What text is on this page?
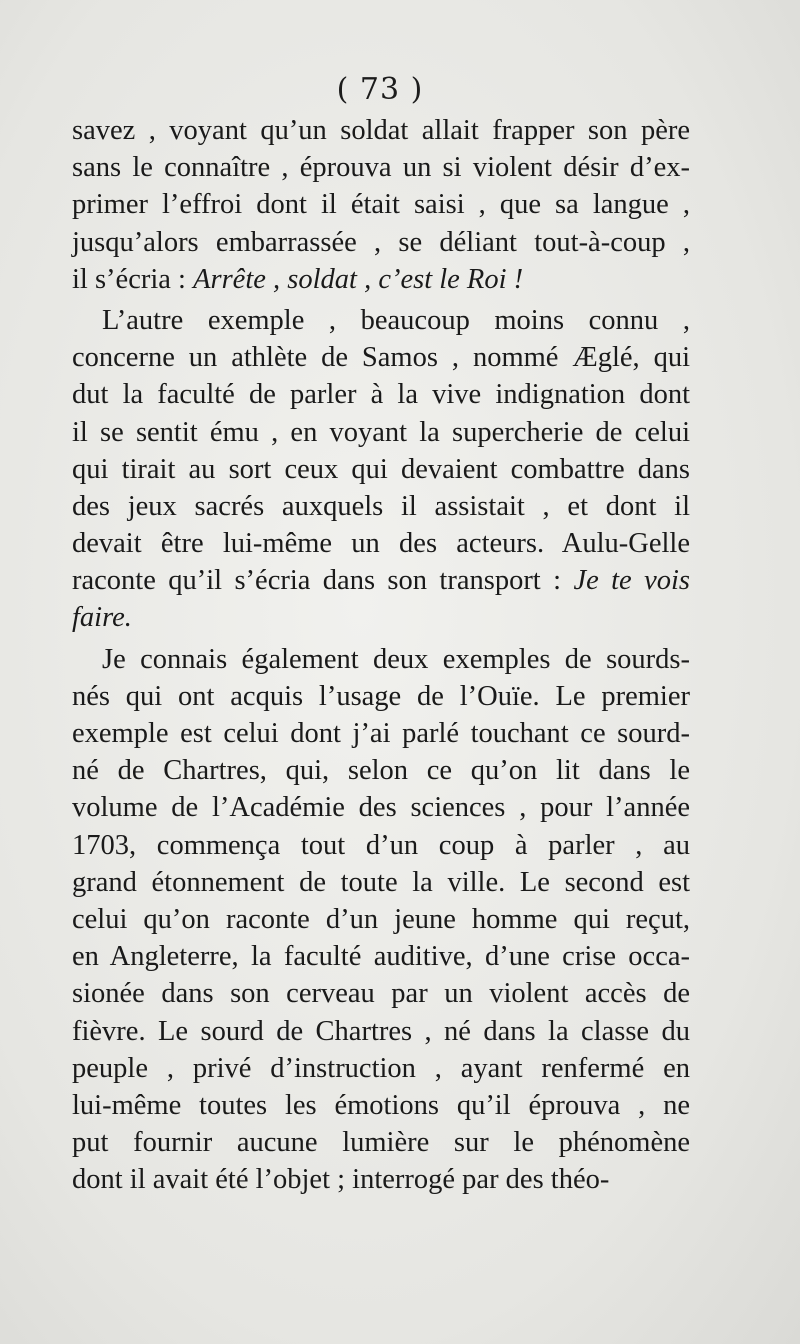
( 73 )
savez , voyant qu’un soldat allait frapper son père
sans le connaître , éprouva un si violent désir d’ex-
primer l’effroi dont il était saisi , que sa langue ,
jusqu’alors embarrassée , se déliant tout-à-coup ,
il s’écria : Arrête , soldat , c’est le Roi !
L’autre exemple , beaucoup moins connu ,
concerne un athlète de Samos , nommé Æglé, qui
dut la faculté de parler à la vive indignation dont
il se sentit ému , en voyant la supercherie de celui
qui tirait au sort ceux qui devaient combattre dans
des jeux sacrés auxquels il assistait , et dont il
devait être lui-même un des acteurs. Aulu-Gelle
raconte qu’il s’écria dans son transport : Je te vois
faire.
Je connais également deux exemples de sourds-
nés qui ont acquis l’usage de l’Ouïe. Le premier
exemple est celui dont j’ai parlé touchant ce sourd-
né de Chartres, qui, selon ce qu’on lit dans le
volume de l’Académie des sciences , pour l’année
1703, commença tout d’un coup à parler , au
grand étonnement de toute la ville. Le second est
celui qu’on raconte d’un jeune homme qui reçut,
en Angleterre, la faculté auditive, d’une crise occa-
sionée dans son cerveau par un violent accès de
fièvre. Le sourd de Chartres , né dans la classe du
peuple , privé d’instruction , ayant renfermé en
lui-même toutes les émotions qu’il éprouva , ne
put fournir aucune lumière sur le phénomène
dont il avait été l’objet ; interrogé par des théo-
